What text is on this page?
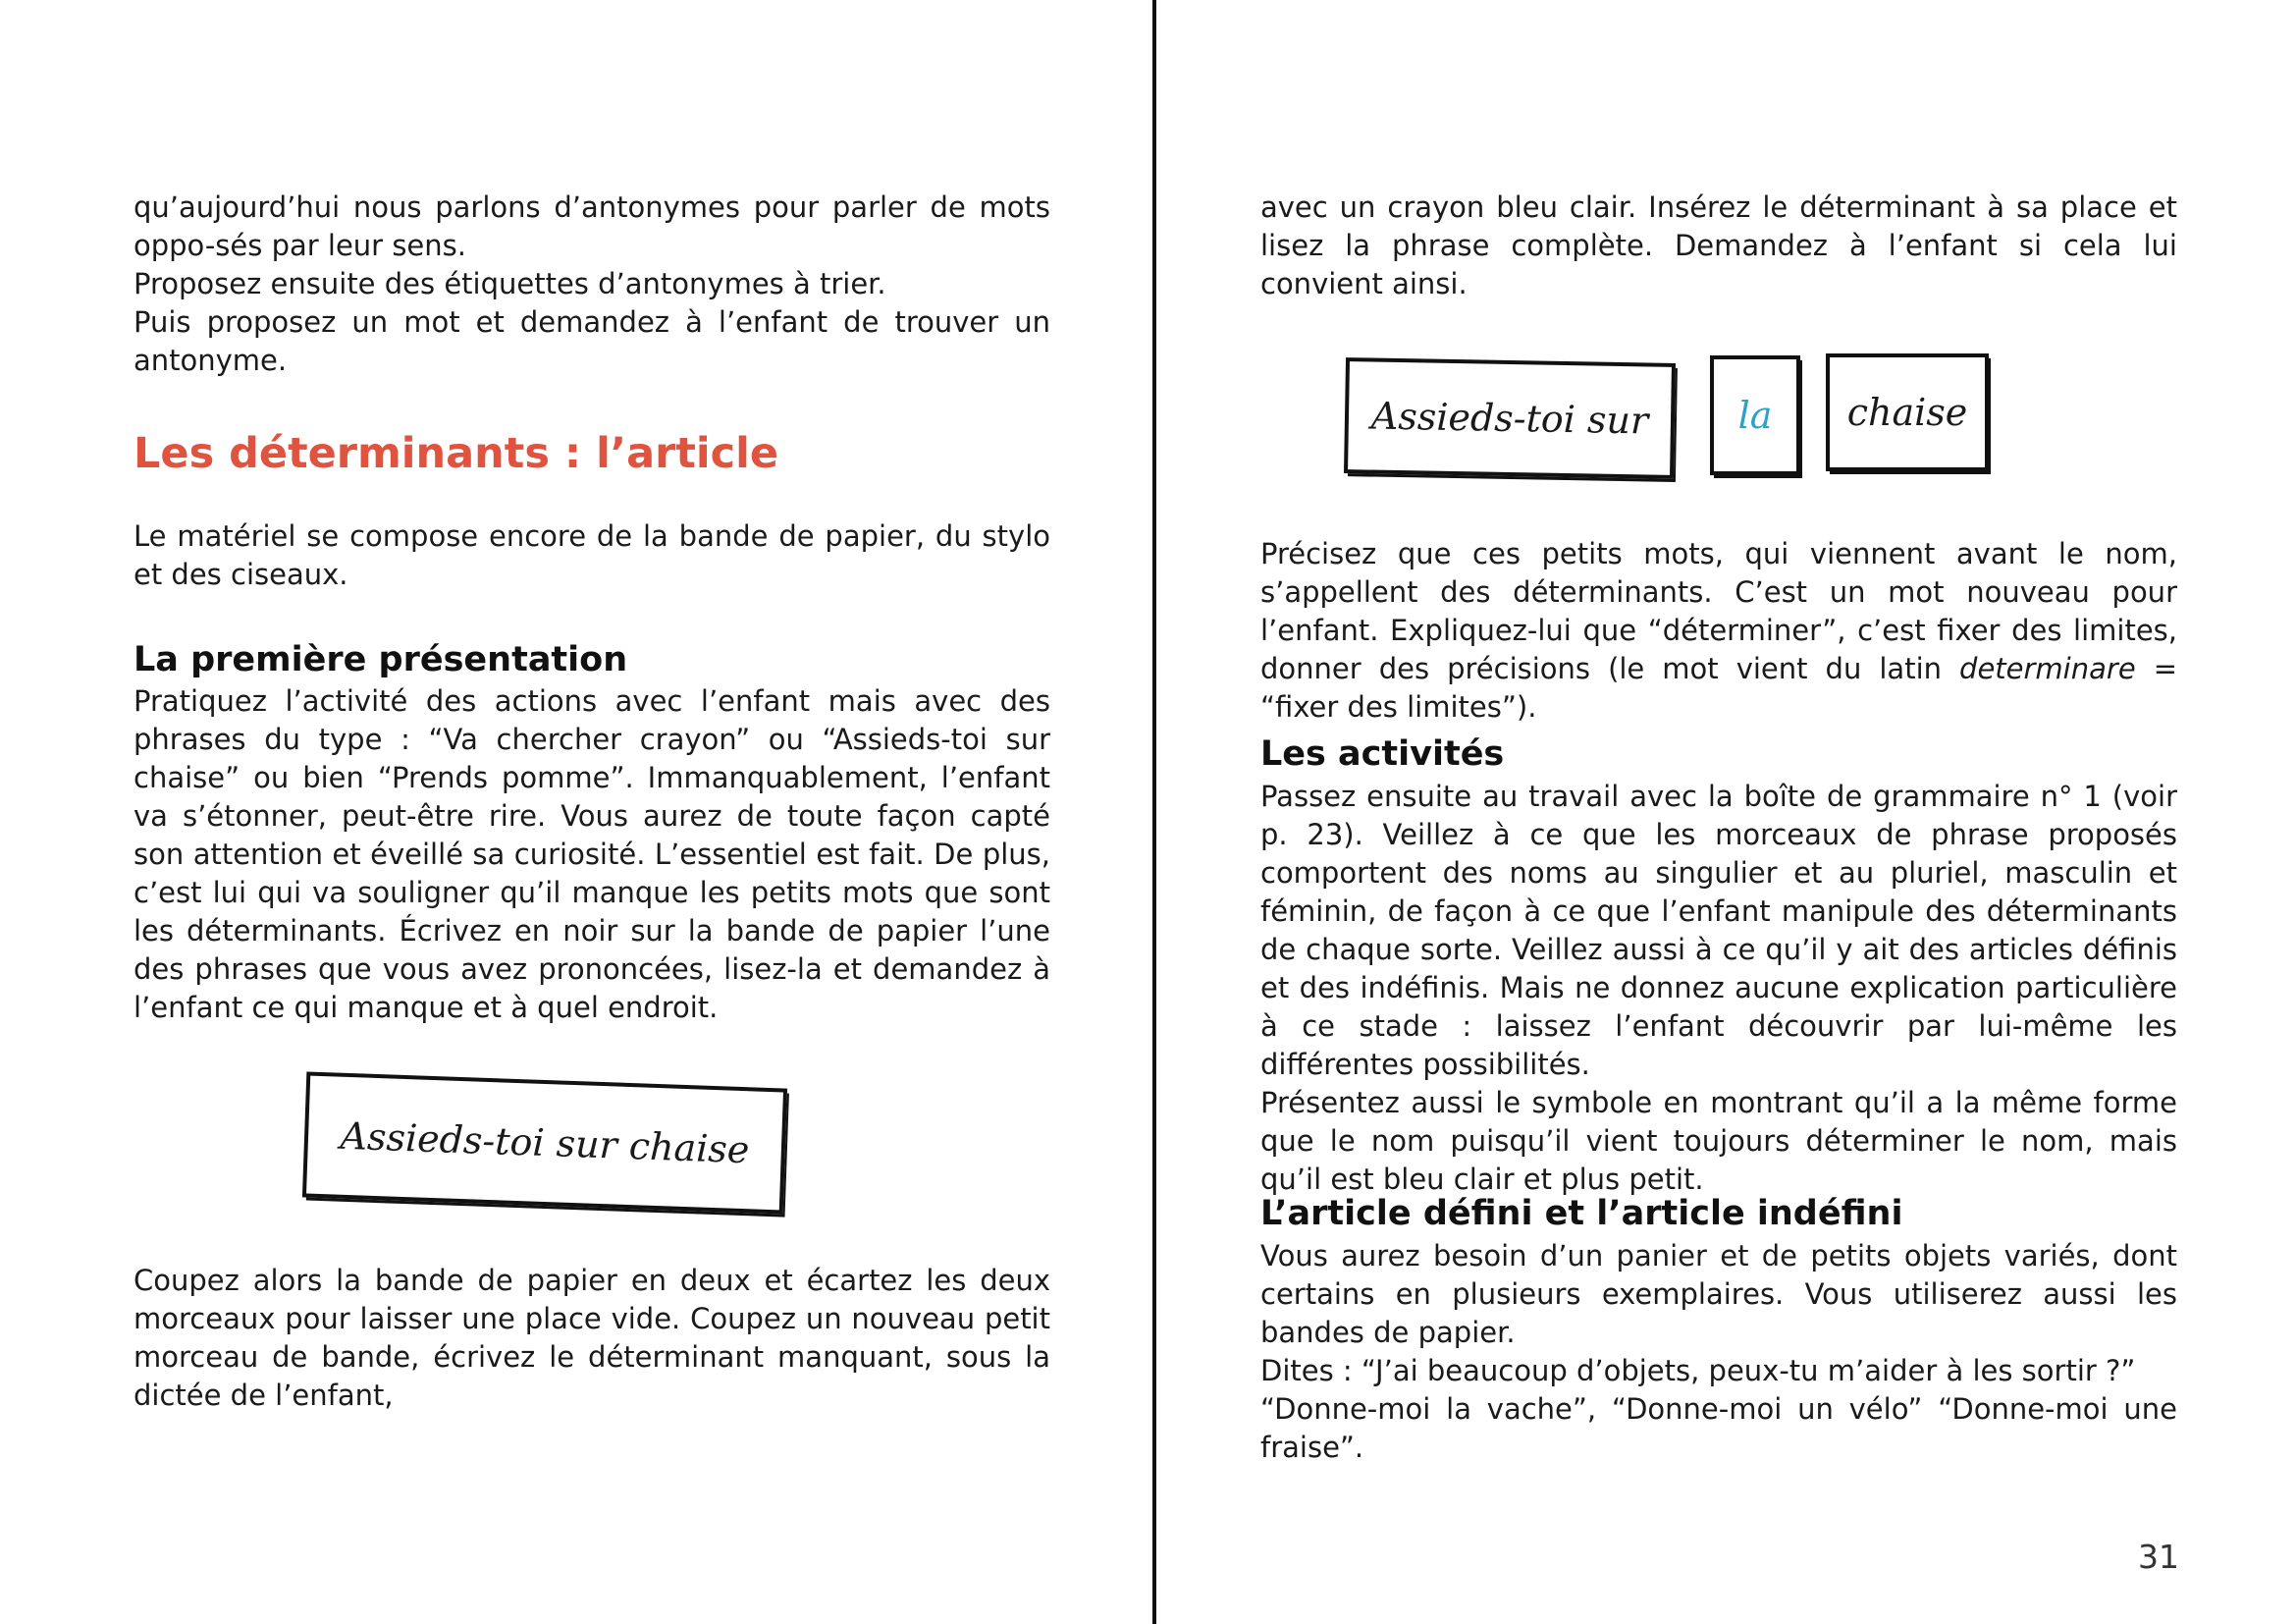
qu’aujourd’hui nous parlons d’antonymes pour parler de mots oppo-sés par leur sens.

Proposez ensuite des étiquettes d’antonymes à trier.

Puis proposez un mot et demandez à l’enfant de trouver un antonyme.

Les déterminants : l’article

Le matériel se compose encore de la bande de papier, du stylo et des ciseaux.

La première présentation

Pratiquez l’activité des actions avec l’enfant mais avec des phrases du type : “Va chercher crayon” ou “Assieds-toi sur chaise” ou bien “Prends pomme”. Immanquablement, l’enfant va s’étonner, peut-être rire. Vous aurez de toute façon capté son attention et éveillé sa curiosité. L’essentiel est fait. De plus, c’est lui qui va souligner qu’il manque les petits mots que sont les déterminants. Écrivez en noir sur la bande de papier l’une des phrases que vous avez prononcées, lisez-la et demandez à l’enfant ce qui manque et à quel endroit.

Assieds-toi sur chaise

Coupez alors la bande de papier en deux et écartez les deux morceaux pour laisser une place vide. Coupez un nouveau petit morceau de bande, écrivez le déterminant manquant, sous la dictée de l’enfant,

avec un crayon bleu clair. Insérez le déterminant à sa place et lisez la phrase complète. Demandez à l’enfant si cela lui convient ainsi.

Assieds-toi sur la chaise

Précisez que ces petits mots, qui viennent avant le nom, s’appellent des déterminants. C’est un mot nouveau pour l’enfant. Expliquez-lui que “déterminer”, c’est fixer des limites, donner des précisions (le mot vient du latin determinare = “fixer des limites”).

Les activités

Passez ensuite au travail avec la boîte de grammaire n° 1 (voir p. 23). Veillez à ce que les morceaux de phrase proposés comportent des noms au singulier et au pluriel, masculin et féminin, de façon à ce que l’enfant manipule des déterminants de chaque sorte. Veillez aussi à ce qu’il y ait des articles définis et des indéfinis. Mais ne donnez aucune explication particulière à ce stade : laissez l’enfant découvrir par lui-même les différentes possibilités.

Présentez aussi le symbole en montrant qu’il a la même forme que le nom puisqu’il vient toujours déterminer le nom, mais qu’il est bleu clair et plus petit.

L’article défini et l’article indéfini

Vous aurez besoin d’un panier et de petits objets variés, dont certains en plusieurs exemplaires. Vous utiliserez aussi les bandes de papier.

Dites : “J’ai beaucoup d’objets, peux-tu m’aider à les sortir ?”

“Donne-moi la vache”, “Donne-moi un vélo” “Donne-moi une fraise”.

31
